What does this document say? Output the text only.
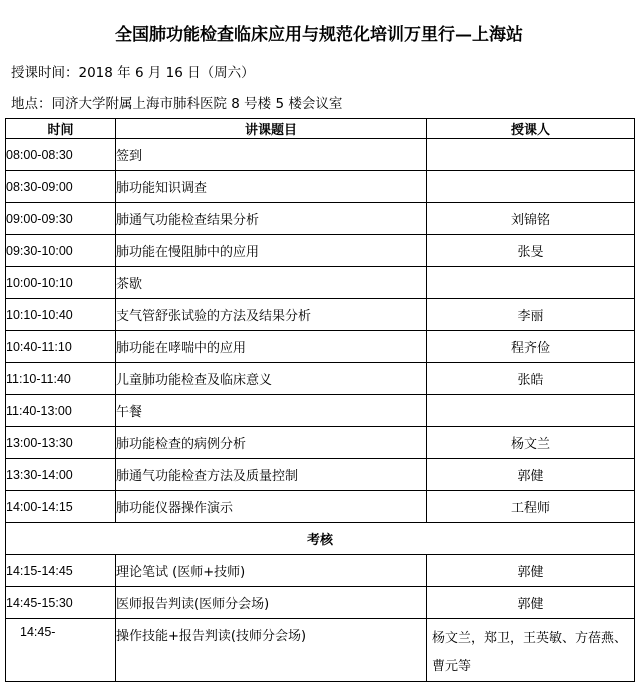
全国肺功能检查临床应用与规范化培训万里行—上海站
授课时间：2018 年 6 月 16 日（周六）
地点：同济大学附属上海市肺科医院 8 号楼 5 楼会议室
时间	讲课题目	授课人
08:00-08:30	签到	
08:30-09:00	肺功能知识调查	
09:00-09:30	肺通气功能检查结果分析	刘锦铭
09:30-10:00	肺功能在慢阻肺中的应用	张旻
10:00-10:10	茶歇	
10:10-10:40	支气管舒张试验的方法及结果分析	李丽
10:40-11:10	肺功能在哮喘中的应用	程齐俭
11:10-11:40	儿童肺功能检查及临床意义	张皓
11:40-13:00	午餐	
13:00-13:30	肺功能检查的病例分析	杨文兰
13:30-14:00	肺通气功能检查方法及质量控制	郭健
14:00-14:15	肺功能仪器操作演示	工程师
考核		
14:15-14:45	理论笔试 (医师+技师)	郭健
14:45-15:30	医师报告判读(医师分会场)	郭健
14:45-	操作技能+报告判读(技师分会场)	杨文兰，郑卫，王英敏、方蓓燕、曹元等
